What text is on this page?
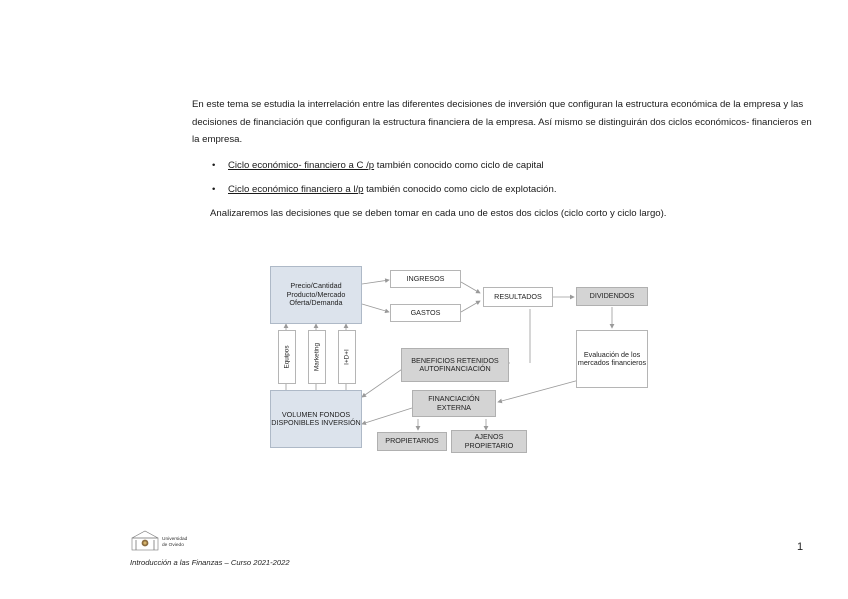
En este tema se estudia la interrelación entre las diferentes decisiones de inversión que configuran la estructura económica de la empresa y las decisiones de financiación que configuran la estructura financiera de la empresa. Así mismo se distinguirán dos ciclos económicos- financieros en la empresa.
• Ciclo económico- financiero a C /p también conocido como ciclo de capital
• Ciclo económico financiero a l/p también conocido como ciclo de explotación.
Analizaremos las decisiones que se deben tomar en cada uno de estos dos ciclos (ciclo corto y ciclo largo).
Precio/Cantidad Producto/Mercado Oferta/Demanda
INGRESOS
GASTOS
RESULTADOS	DIVIDENDOS
Evaluación de los mercados financieros
BENEFICIOS RETENIDOS AUTOFINANCIACIÓN
VOLUMEN FONDOS DISPONIBLES INVERSIÓN
FINANCIACIÓN EXTERNA
PROPIETARIOS	AJENOS PROPIETARIO
Equipos	Marketing	I+D+I
Universidad de Oviedo
Introducción a las Finanzas – Curso 2021-2022
1
